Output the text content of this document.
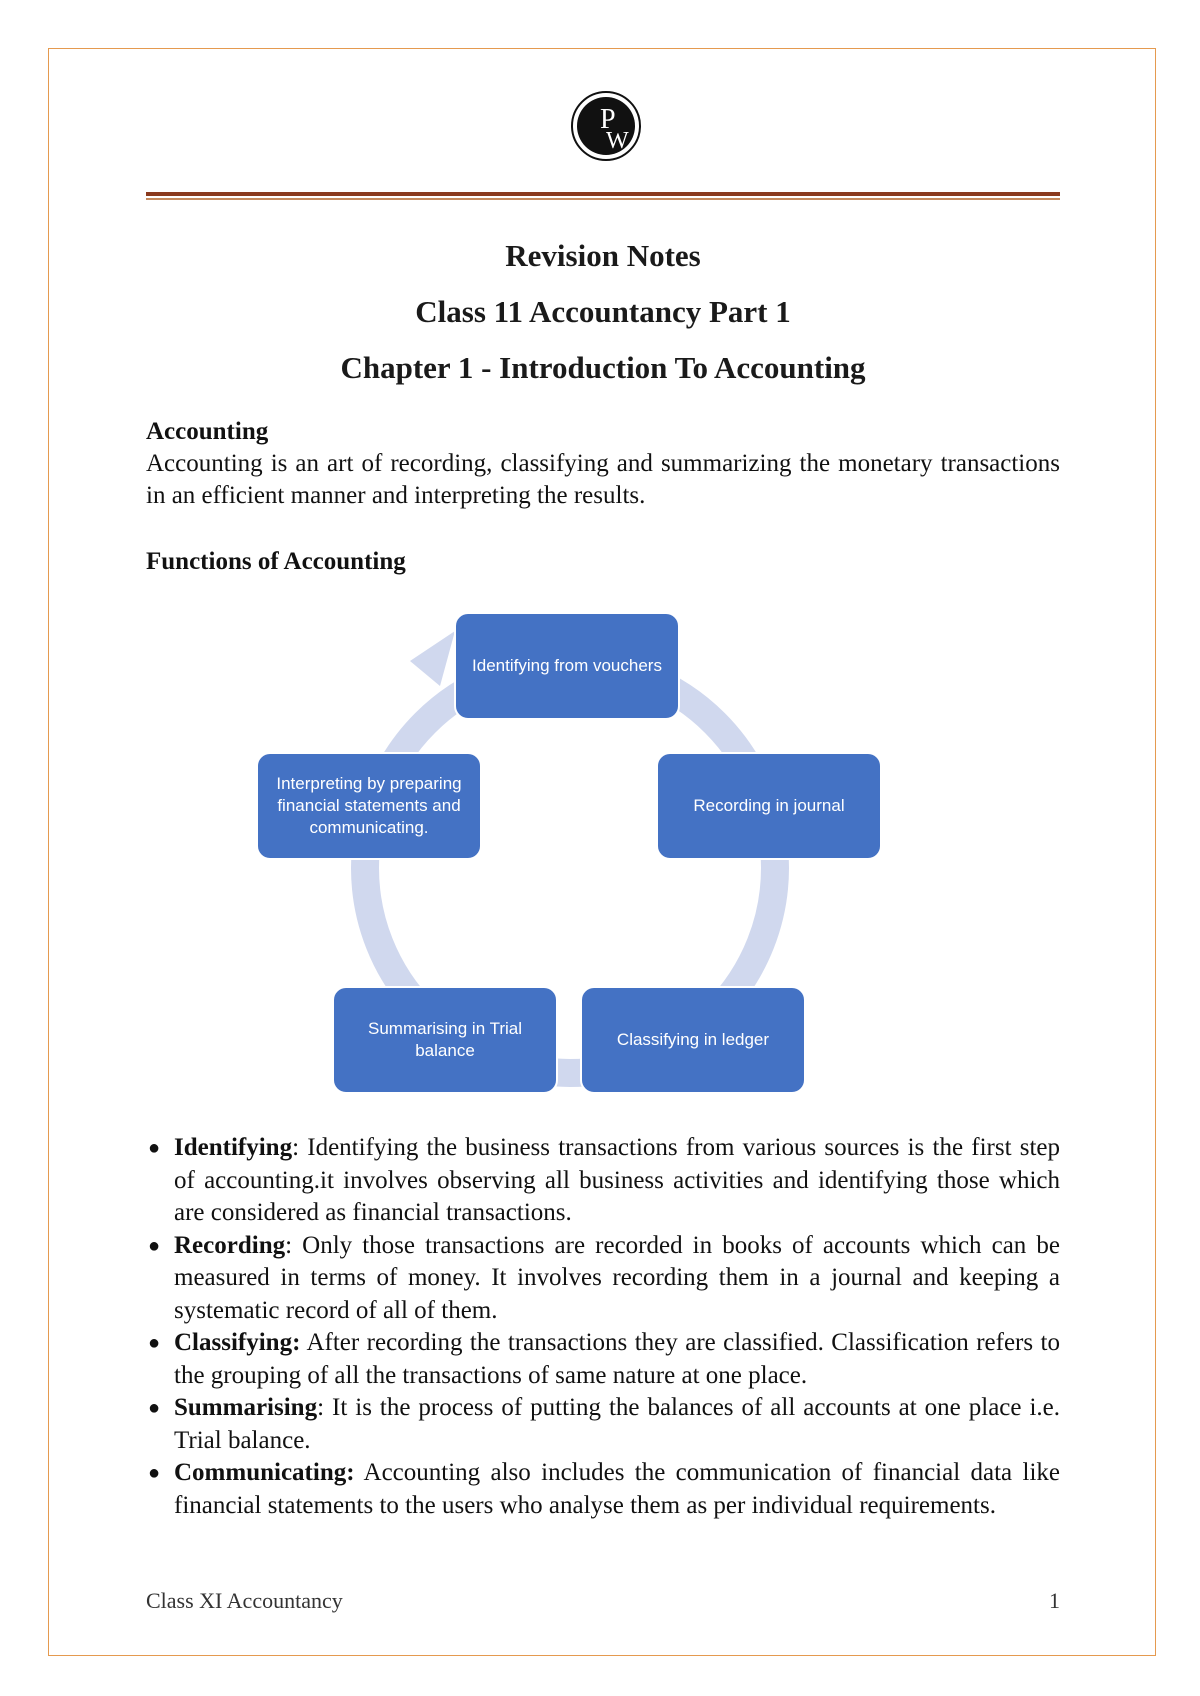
P
W
Revision Notes
Class 11 Accountancy Part 1
Chapter 1 - Introduction To Accounting
Accounting
Accounting is an art of recording, classifying and summarizing the monetary transactions in an efficient manner and interpreting the results.
Functions of Accounting
Identifying from vouchers
Recording in journal
Classifying in ledger
Summarising in Trial balance
Interpreting by preparing financial statements and communicating.
● Identifying: Identifying the business transactions from various sources is the first step of accounting.it involves observing all business activities and identifying those which are considered as financial transactions.
● Recording: Only those transactions are recorded in books of accounts which can be measured in terms of money. It involves recording them in a journal and keeping a systematic record of all of them.
● Classifying: After recording the transactions they are classified. Classification refers to the grouping of all the transactions of same nature at one place.
● Summarising: It is the process of putting the balances of all accounts at one place i.e. Trial balance.
● Communicating: Accounting also includes the communication of financial data like financial statements to the users who analyse them as per individual requirements.
Class XI Accountancy	1
